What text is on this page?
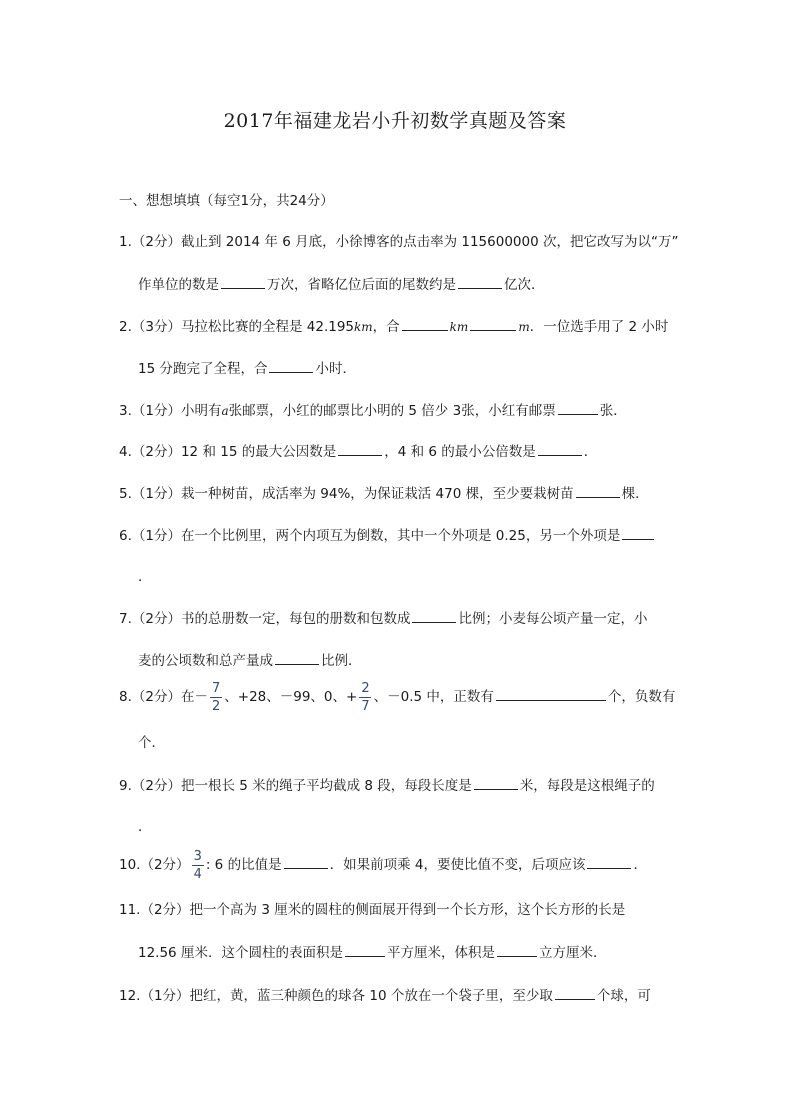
2017年福建龙岩小升初数学真题及答案
一、想想填填（每空1分，共24分）
1.（2分）截止到 2014 年 6 月底，小徐博客的点击率为 115600000 次，把它改写为以“万”
作单位的数是	万次，省略亿位后面的尾数约是	亿次．
2.（3分）马拉松比赛的全程是 42.195km，合	km	m．一位选手用了 2 小时
15 分跑完了全程，合	小时．
3.（1分）小明有a张邮票，小红的邮票比小明的 5 倍少 3张，小红有邮票	张．
4.（2分）12 和 15 的最大公因数是	，4 和 6 的最小公倍数是	．
5.（1分）栽一种树苗，成活率为 94%，为保证栽活 470 棵，至少要栽树苗	棵．
6.（1分）在一个比例里，两个内项互为倒数，其中一个外项是 0.25，另一个外项是
．
7.（2分）书的总册数一定，每包的册数和包数成	比例；小麦每公顷产量一定，小
麦的公顷数和总产量成	比例．
8.（2分）在－ $\frac{7}{2}$ 、+28、－99、0、+ $\frac{2}{7}$ 、－0.5 中，正数有	个，负数有
个．
9.（2分）把一根长 5 米的绳子平均截成 8 段，每段长度是	米，每段是这根绳子的
．
10.（2分） $\frac{3}{4}$ : 6 的比值是	．如果前项乘 4，要使比值不变，后项应该	．
11.（2分）把一个高为 3 厘米的圆柱的侧面展开得到一个长方形，这个长方形的长是
12.56 厘米．这个圆柱的表面积是	平方厘米，体积是	立方厘米．
12.（1分）把红，黄，蓝三种颜色的球各 10 个放在一个袋子里，至少取	个球，可
